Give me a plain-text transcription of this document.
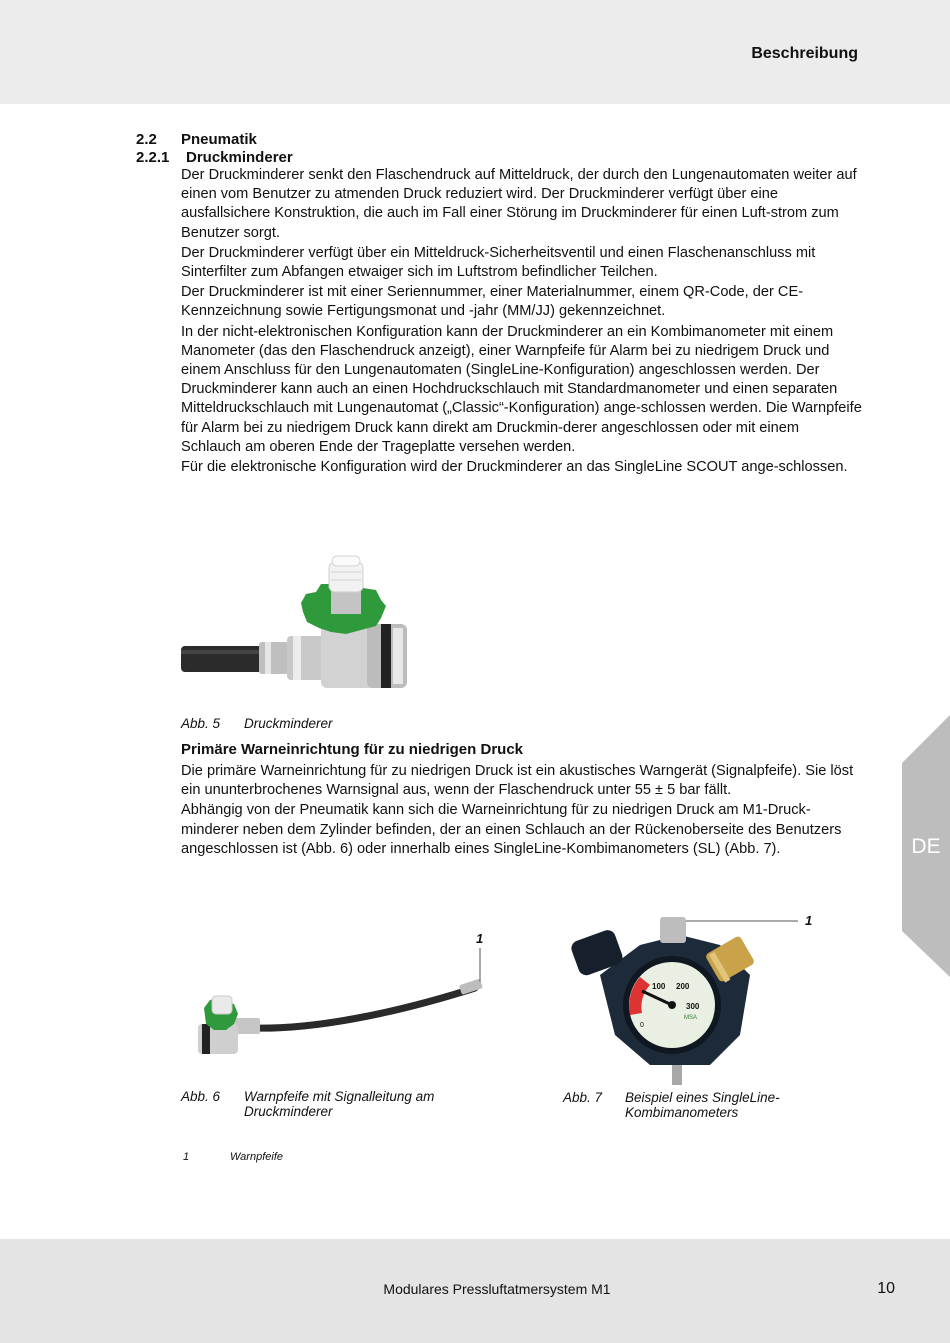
Beschreibung
2.2 Pneumatik
2.2.1 Druckminderer

Der Druckminderer senkt den Flaschendruck auf Mitteldruck, der durch den Lungenautomaten weiter auf einen vom Benutzer zu atmenden Druck reduziert wird. Der Druckminderer verfügt über eine ausfallsichere Konstruktion, die auch im Fall einer Störung im Druckminderer für einen Luft-strom zum Benutzer sorgt.

Der Druckminderer verfügt über ein Mitteldruck-Sicherheitsventil und einen Flaschenanschluss mit Sinterfilter zum Abfangen etwaiger sich im Luftstrom befindlicher Teilchen.

Der Druckminderer ist mit einer Seriennummer, einer Materialnummer, einem QR-Code, der CE-Kennzeichnung sowie Fertigungsmonat und -jahr (MM/JJ) gekennzeichnet.

In der nicht-elektronischen Konfiguration kann der Druckminderer an ein Kombimanometer mit einem Manometer (das den Flaschendruck anzeigt), einer Warnpfeife für Alarm bei zu niedrigem Druck und einem Anschluss für den Lungenautomaten (SingleLine-Konfiguration) angeschlossen werden. Der Druckminderer kann auch an einen Hochdruckschlauch mit Standardmanometer und einen separaten Mitteldruckschlauch mit Lungenautomat („Classic“-Konfiguration) ange-schlossen werden. Die Warnpfeife für Alarm bei zu niedrigem Druck kann direkt am Druckmin-derer angeschlossen oder mit einem Schlauch am oberen Ende der Trageplatte versehen werden.

Für die elektronische Konfiguration wird der Druckminderer an das SingleLine SCOUT ange-schlossen.

Abb. 5 Druckminderer
Primäre Warneinrichtung für zu niedrigen Druck

Die primäre Warneinrichtung für zu niedrigen Druck ist ein akustisches Warngerät (Signalpfeife). Sie löst ein ununterbrochenes Warnsignal aus, wenn der Flaschendruck unter 55 ± 5 bar fällt.

Abhängig von der Pneumatik kann sich die Warneinrichtung für zu niedrigen Druck am M1-Druck-minderer neben dem Zylinder befinden, der an einen Schlauch an der Rückenoberseite des Benutzers angeschlossen ist (Abb. 6) oder innerhalb eines SingleLine-Kombimanometers (SL) (Abb. 7).	DE
1
Abb. 6 Warnpfeife mit Signalleitung am Druckminderer
100 200
300
0
MSA
1
Abb. 7 Beispiel eines SingleLine-Kombimanometers
1	Warnpfeife
Modulares Pressluftatmersystem M1	10
